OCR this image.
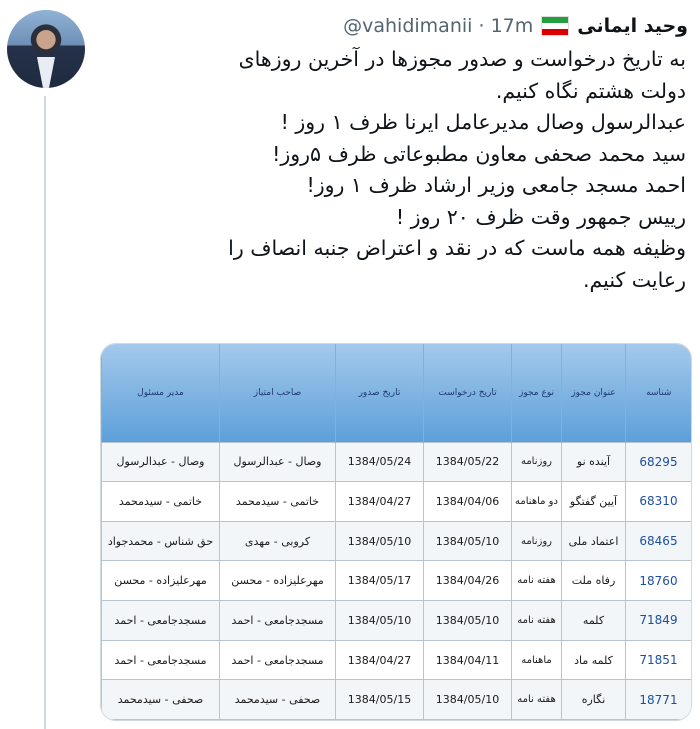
وحید ایمانی
@vahidimanii · 17m

به تاریخ درخواست و صدور مجوزها در آخرین روزهای

دولت هشتم نگاه کنیم.

عبدالرسول وصال مدیرعامل ایرنا ظرف ۱ روز !

سید محمد صحفی معاون مطبوعاتی ظرف ۵روز!

احمد مسجد جامعی وزیر ارشاد ظرف ۱ روز!

رییس جمهور وقت ظرف ۲۰ روز !

وظیفه همه ماست که در نقد و اعتراض جنبه انصاف را

رعایت کنیم.

شناسه	عنوان مجوز	نوع مجوز	تاریخ درخواست	تاریخ صدور	صاحب امتیاز	مدیر مسئول
68295	آینده نو	روزنامه	1384/05/22	1384/05/24	وصال - عبدالرسول	وصال - عبدالرسول
68310	آیین گفتگو	دو ماهنامه	1384/04/06	1384/04/27	خاتمی - سیدمحمد	خاتمی - سیدمحمد
68465	اعتماد ملی	روزنامه	1384/05/10	1384/05/10	کروبی - مهدی	حق شناس - محمدجواد
18760	رفاه ملت	هفته نامه	1384/04/26	1384/05/17	مهرعلیزاده - محسن	مهرعلیزاده - محسن
71849	کلمه	هفته نامه	1384/05/10	1384/05/10	مسجدجامعی - احمد	مسجدجامعی - احمد
71851	کلمه ماد	ماهنامه	1384/04/11	1384/04/27	مسجدجامعی - احمد	مسجدجامعی - احمد
18771	نگاره	هفته نامه	1384/05/10	1384/05/15	صحفی - سیدمحمد	صحفی - سیدمحمد
